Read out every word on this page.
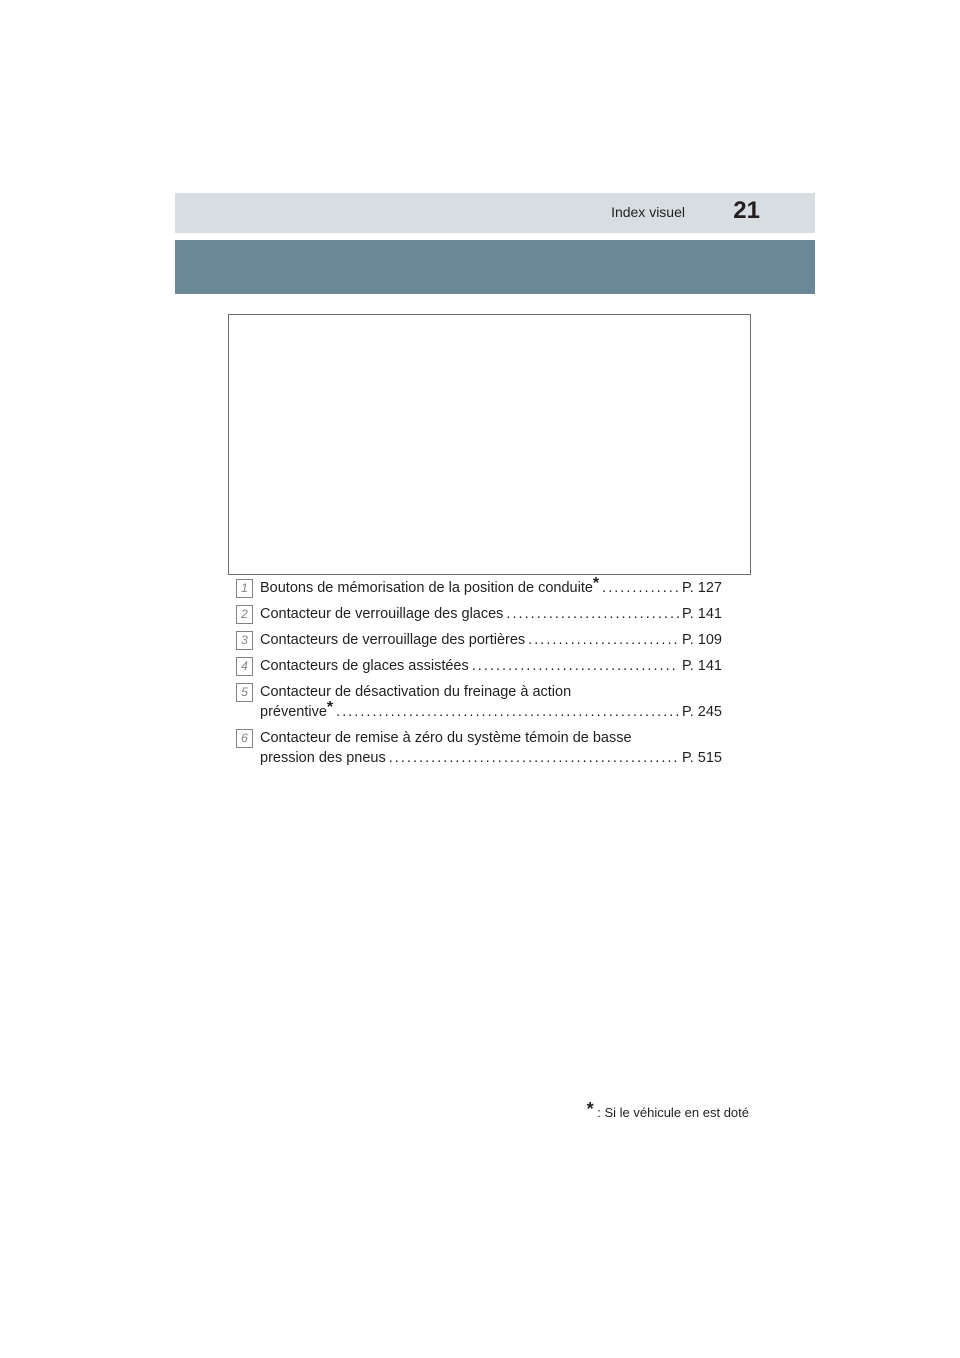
Index visuel 21
1 Boutons de mémorisation de la position de conduite* . . .	P. 127
2 Contacteur de verrouillage des glaces . . .	P. 141
3 Contacteurs de verrouillage des portières . . .	P. 109
4 Contacteurs de glaces assistées . . .	P. 141
5 Contacteur de désactivation du freinage à action
préventive* . . .	P. 245
6 Contacteur de remise à zéro du système témoin de basse
pression des pneus . . .	P. 515
* : Si le véhicule en est doté
